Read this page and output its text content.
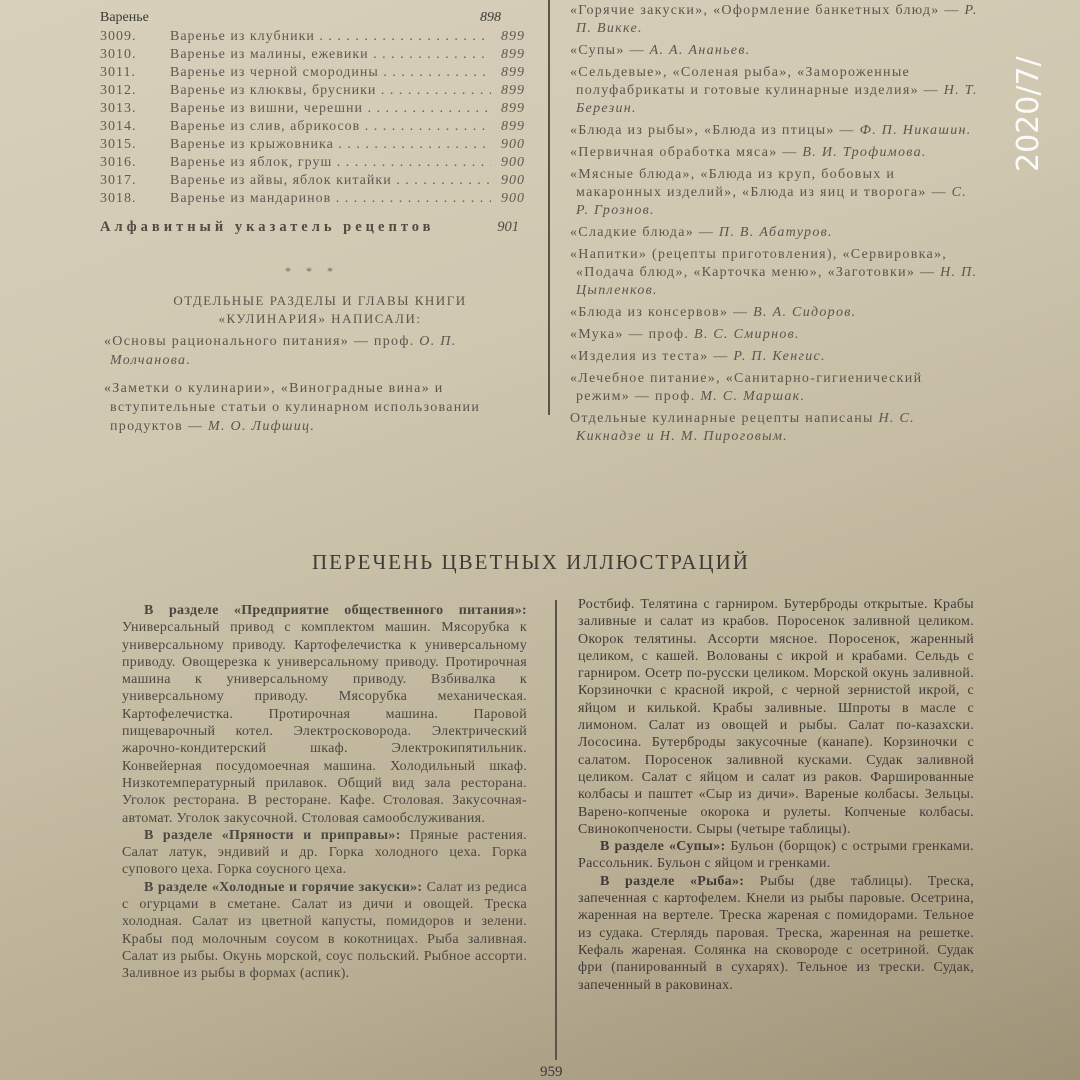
Варенье	898
3009.	Варенье из клубники . . .	899
3010.	Варенье из малины, ежевики . . .	899
3011.	Варенье из черной смородины . . .	899
3012.	Варенье из клюквы, брусники . . .	899
3013.	Варенье из вишни, черешни . . .	899
3014.	Варенье из слив, абрикосов . . .	899
3015.	Варенье из крыжовника . . .	900
3016.	Варенье из яблок, груш . . .	900
3017.	Варенье из айвы, яблок китайки . . .	900
3018.	Варенье из мандаринов . . .	900
Алфавитный указатель рецептов	901
* * *
ОТДЕЛЬНЫЕ РАЗДЕЛЫ И ГЛАВЫ КНИГИ «КУЛИНАРИЯ» НАПИСАЛИ:

«Основы рационального питания» — проф. О. П. Молчанова.

«Заметки о кулинарии», «Виноградные вина» и вступительные статьи о кулинарном использовании продуктов — М. О. Лифшиц.

«Горячие закуски», «Оформление банкетных блюд» — Р. П. Викке.

«Супы» — А. А. Ананьев.

«Сельдевые», «Соленая рыба», «Замороженные полуфабрикаты и готовые кулинарные изделия» — Н. Т. Березин.

«Блюда из рыбы», «Блюда из птицы» — Ф. П. Никашин.

«Первичная обработка мяса» — В. И. Трофимова.

«Мясные блюда», «Блюда из круп, бобовых и макаронных изделий», «Блюда из яиц и творога» — С. Р. Грознов.

«Сладкие блюда» — П. В. Абатуров.

«Напитки» (рецепты приготовления), «Сервировка», «Подача блюд», «Карточка меню», «Заготовки» — Н. П. Цыпленков.

«Блюда из консервов» — В. А. Сидоров.

«Мука» — проф. В. С. Смирнов.

«Изделия из теста» — Р. П. Кенгис.

«Лечебное питание», «Санитарно-гигиенический режим» — проф. М. С. Маршак.

Отдельные кулинарные рецепты написаны Н. С. Кикнадзе и Н. М. Пироговым.

ПЕРЕЧЕНЬ ЦВЕТНЫХ ИЛЛЮСТРАЦИЙ

В разделе «Предприятие общественного питания»: Универсальный привод с комплектом машин. Мясорубка к универсальному приводу. Картофелечистка к универсальному приводу. Овощерезка к универсальному приводу. Протирочная машина к универсальному приводу. Взбивалка к универсальному приводу. Мясорубка механическая. Картофелечистка. Протирочная машина. Паровой пищеварочный котел. Электросковорода. Электрический жарочно-кондитерский шкаф. Электрокипятильник. Конвейерная посудомоечная машина. Холодильный шкаф. Низкотемпературный прилавок. Общий вид зала ресторана. Уголок ресторана. В ресторане. Кафе. Столовая. Закусочная-автомат. Уголок закусочной. Столовая самообслуживания.

В разделе «Пряности и приправы»: Пряные растения. Салат латук, эндивий и др. Горка холодного цеха. Горка супового цеха. Горка соусного цеха.

В разделе «Холодные и горячие закуски»: Салат из редиса с огурцами в сметане. Салат из дичи и овощей. Треска холодная. Салат из цветной капусты, помидоров и зелени. Крабы под молочным соусом в кокотницах. Рыба заливная. Салат из рыбы. Окунь морской, соус польский. Рыбное ассорти. Заливное из рыбы в формах (аспик).

Ростбиф. Телятина с гарниром. Бутерброды открытые. Крабы заливные и салат из крабов. Поросенок заливной целиком. Окорок телятины. Ассорти мясное. Поросенок, жаренный целиком, с кашей. Волованы с икрой и крабами. Сельдь с гарниром. Осетр по-русски целиком. Морской окунь заливной. Корзиночки с красной икрой, с черной зернистой икрой, с яйцом и килькой. Крабы заливные. Шпроты в масле с лимоном. Салат из овощей и рыбы. Салат по-казахски. Лососина. Бутерброды закусочные (канапе). Корзиночки с салатом. Поросенок заливной кусками. Судак заливной целиком. Салат с яйцом и салат из раков. Фаршированные колбасы и паштет «Сыр из дичи». Вареные колбасы. Зельцы. Варено-копченые окорока и рулеты. Копченые колбасы. Свинокопчености. Сыры (четыре таблицы).

В разделе «Супы»: Бульон (борщок) с острыми гренками. Рассольник. Бульон с яйцом и гренками.

В разделе «Рыба»: Рыбы (две таблицы). Треска, запеченная с картофелем. Кнели из рыбы паровые. Осетрина, жаренная на вертеле. Треска жареная с помидорами. Тельное из судака. Стерлядь паровая. Треска, жаренная на решетке. Кефаль жареная. Солянка на сковороде с осетриной. Судак фри (панированный в сухарях). Тельное из трески. Судак, запеченный в раковинах.

959
2020/7/
